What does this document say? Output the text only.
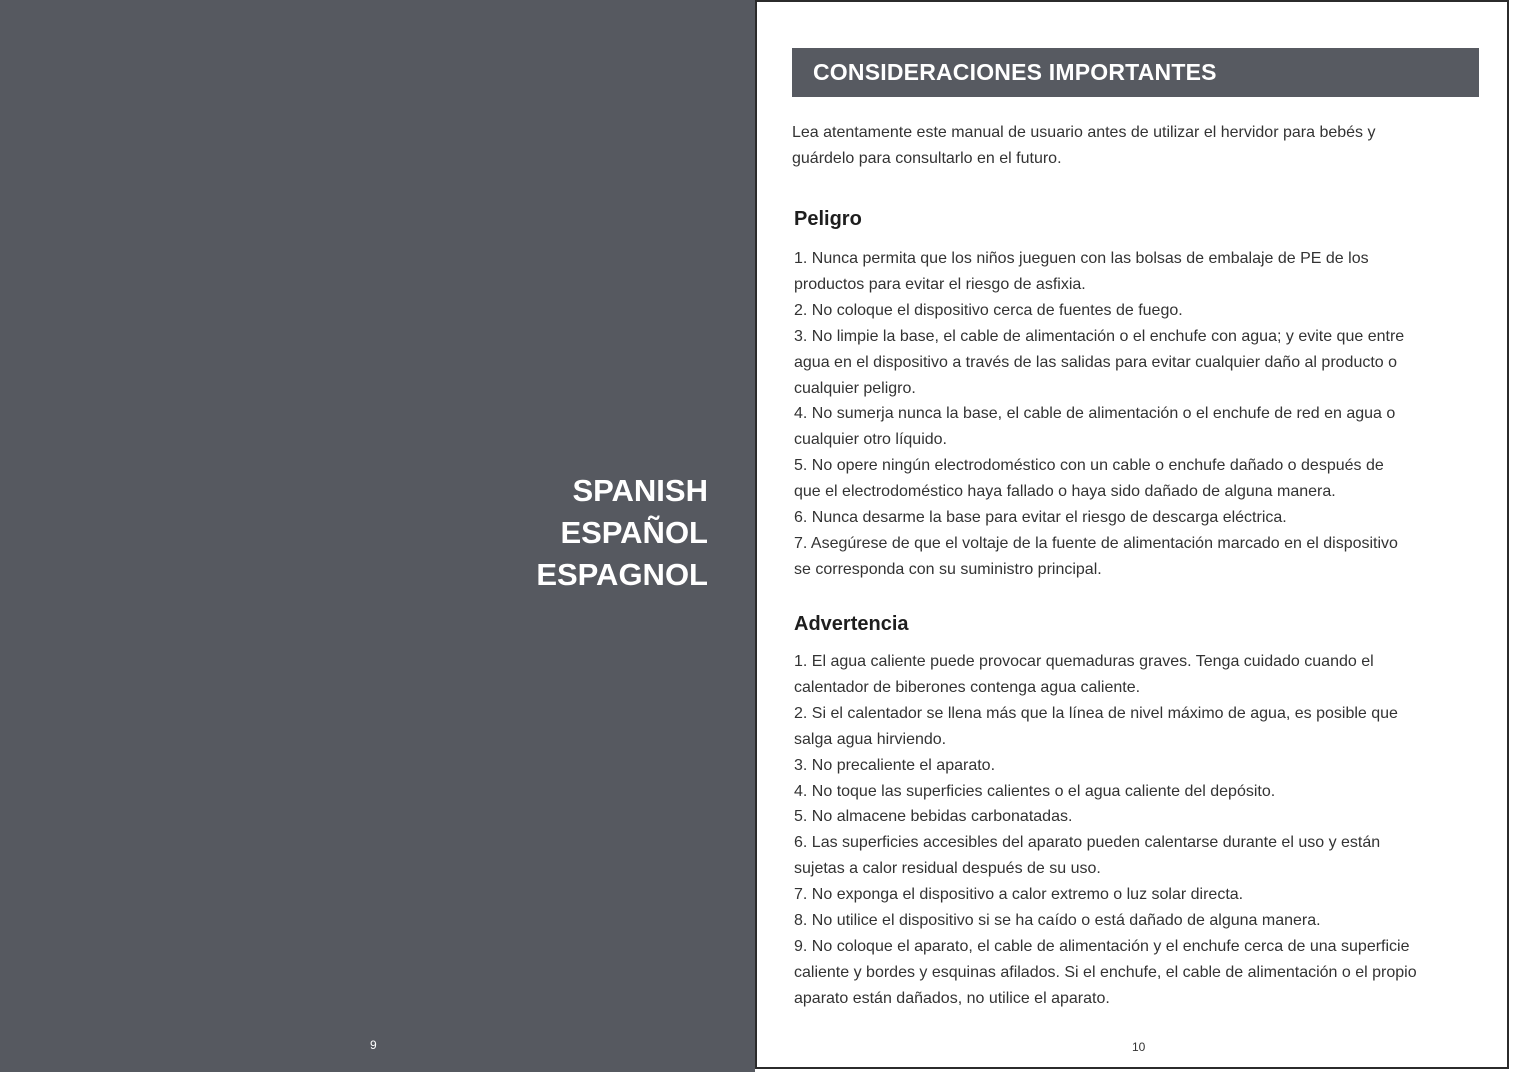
SPANISH
ESPAÑOL
ESPAGNOL
9
CONSIDERACIONES IMPORTANTES
Lea atentamente este manual de usuario antes de utilizar el hervidor para bebés y
guárdelo para consultarlo en el futuro.
Peligro
1. Nunca permita que los niños jueguen con las bolsas de embalaje de PE de los
productos para evitar el riesgo de asfixia.
2. No coloque el dispositivo cerca de fuentes de fuego.
3. No limpie la base, el cable de alimentación o el enchufe con agua; y evite que entre
agua en el dispositivo a través de las salidas para evitar cualquier daño al producto o
cualquier peligro.
4. No sumerja nunca la base, el cable de alimentación o el enchufe de red en agua o
cualquier otro líquido.
5. No opere ningún electrodoméstico con un cable o enchufe dañado o después de
que el electrodoméstico haya fallado o haya sido dañado de alguna manera.
6. Nunca desarme la base para evitar el riesgo de descarga eléctrica.
7. Asegúrese de que el voltaje de la fuente de alimentación marcado en el dispositivo
se corresponda con su suministro principal.
Advertencia
1. El agua caliente puede provocar quemaduras graves. Tenga cuidado cuando el
calentador de biberones contenga agua caliente.
2. Si el calentador se llena más que la línea de nivel máximo de agua, es posible que
salga agua hirviendo.
3. No precaliente el aparato.
4. No toque las superficies calientes o el agua caliente del depósito.
5. No almacene bebidas carbonatadas.
6. Las superficies accesibles del aparato pueden calentarse durante el uso y están
sujetas a calor residual después de su uso.
7. No exponga el dispositivo a calor extremo o luz solar directa.
8. No utilice el dispositivo si se ha caído o está dañado de alguna manera.
9. No coloque el aparato, el cable de alimentación y el enchufe cerca de una superficie
caliente y bordes y esquinas afilados. Si el enchufe, el cable de alimentación o el propio
aparato están dañados, no utilice el aparato.
10
